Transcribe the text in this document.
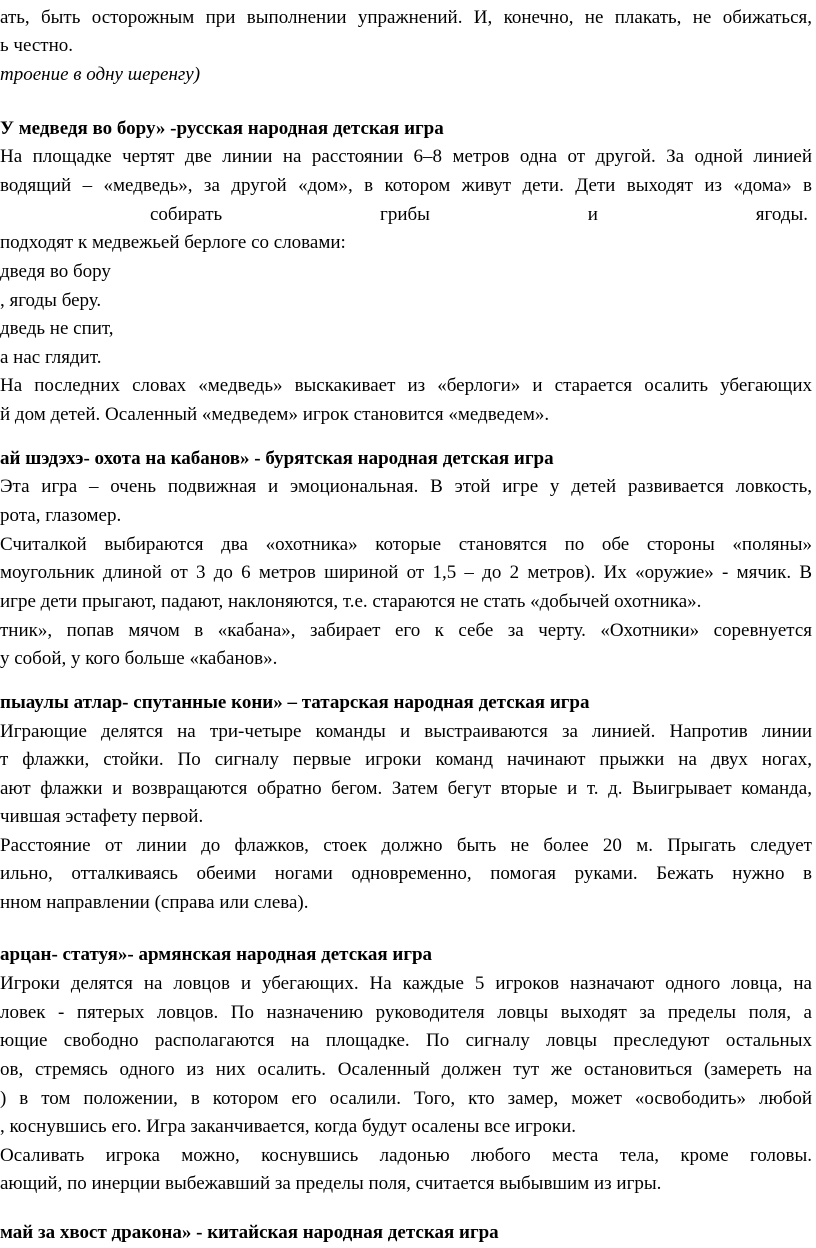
ать, быть осторожным при выполнении упражнений. И, конечно, не плакать, не обижаться,
ь честно.
троение в одну шеренгу)
У медведя во бору» -русская народная детская игра
На площадке чертят две линии на расстоянии 6–8 метров одна от другой. За одной линией
водящий – «медведь», за другой «дом», в котором живут дети. Дети выходят из «дома» в
собирать грибы и ягоды.
подходят к медвежьей берлоге со словами:
дведя во бору
, ягоды беру.
дведь не спит,
а нас глядит.
На последних словах «медведь» выскакивает из «берлоги» и старается осалить убегающих
й дом детей. Осаленный «медведем» игрок становится «медведем».
ай шэдэхэ- охота на кабанов» - бурятская народная детская игра
Эта игра – очень подвижная и эмоциональная. В этой игре у детей развивается ловкость,
рота, глазомер.
Считалкой выбираются два «охотника» которые становятся по обе стороны «поляны»
моугольник длиной от 3 до 6 метров шириной от 1,5 – до 2 метров). Их «оружие» - мячик. В
игре дети прыгают, падают, наклоняются, т.е. стараются не стать «добычей охотника».
тник», попав мячом в «кабана», забирает его к себе за черту. «Охотники» соревнуется
у собой, у кого больше «кабанов».
пыаулы атлар- спутанные кони» – татарская народная детская игра
Играющие делятся на три-четыре команды и выстраиваются за линией. Напротив линии
т флажки, стойки. По сигналу первые игроки команд начинают прыжки на двух ногах,
ают флажки и возвращаются обратно бегом. Затем бегут вторые и т. д. Выигрывает команда,
чившая эстафету первой.
Расстояние от линии до флажков, стоек должно быть не более 20 м. Прыгать следует
ильно, отталкиваясь обеими ногами одновременно, помогая руками. Бежать нужно в
нном направлении (справа или слева).
арцан- статуя»- армянская народная детская игра
Игроки делятся на ловцов и убегающих. На каждые 5 игроков назначают одного ловца, на
ловек - пятерых ловцов. По назначению руководителя ловцы выходят за пределы поля, а
ющие свободно располагаются на площадке. По сигналу ловцы преследуют остальных
ов, стремясь одного из них осалить. Осаленный должен тут же остановиться (замереть на
) в том положении, в котором его осалили. Того, кто замер, может «освободить» любой
, коснувшись его. Игра заканчивается, когда будут осалены все игроки.
Осаливать игрока можно, коснувшись ладонью любого места тела, кроме головы.
ающий, по инерции выбежавший за пределы поля, считается выбывшим из игры.
май за хвост дракона» - китайская народная детская игра
